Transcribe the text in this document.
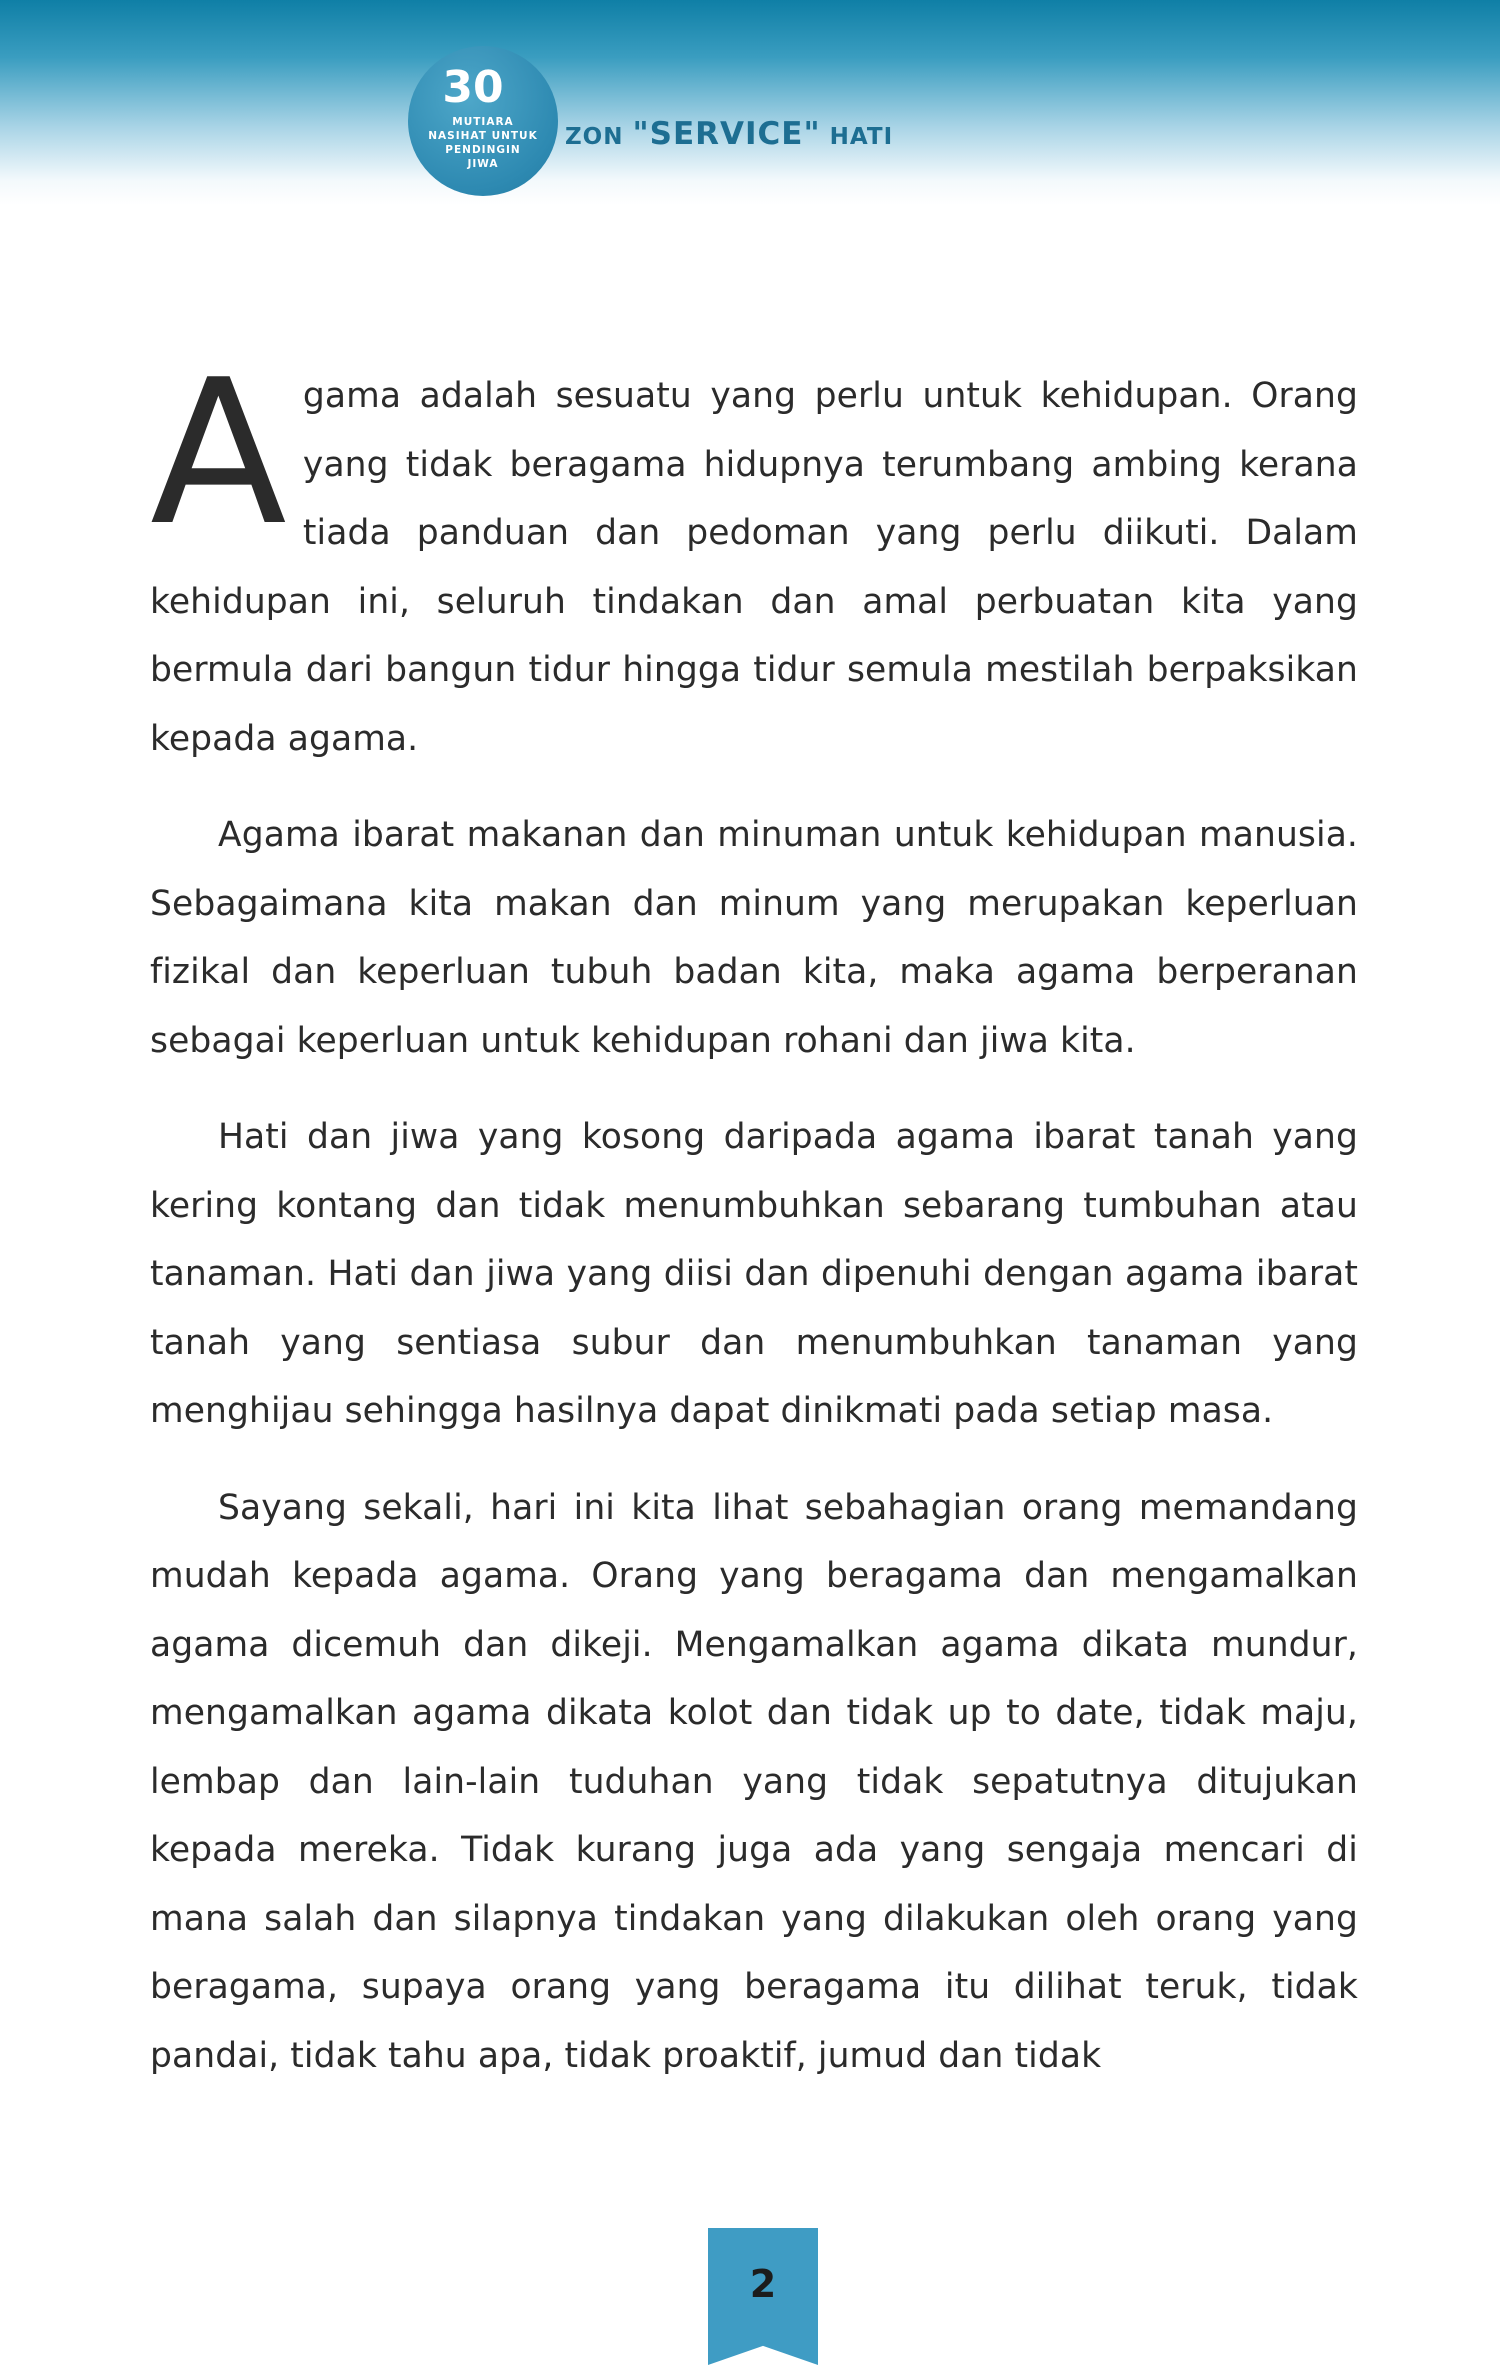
30
MUTIARA
NASIHAT UNTUK
PENDINGIN
JIWA
ZON "SERVICE" HATI

Agama adalah sesuatu yang perlu untuk kehidupan. Orang yang tidak beragama hidupnya terumbang ambing kerana tiada panduan dan pedoman yang perlu diikuti. Dalam kehidupan ini, seluruh tindakan dan amal perbuatan kita yang bermula dari bangun tidur hingga tidur semula mestilah berpaksikan kepada agama.

Agama ibarat makanan dan minuman untuk kehidupan manusia. Sebagaimana kita makan dan minum yang merupakan keperluan fizikal dan keperluan tubuh badan kita, maka agama berperanan sebagai keperluan untuk kehidupan rohani dan jiwa kita.

Hati dan jiwa yang kosong daripada agama ibarat tanah yang kering kontang dan tidak menumbuhkan sebarang tumbuhan atau tanaman. Hati dan jiwa yang diisi dan dipenuhi dengan agama ibarat tanah yang sentiasa subur dan menumbuhkan tanaman yang menghijau sehingga hasilnya dapat dinikmati pada setiap masa.

Sayang sekali, hari ini kita lihat sebahagian orang memandang mudah kepada agama. Orang yang beragama dan mengamalkan agama dicemuh dan dikeji. Mengamalkan agama dikata mundur, mengamalkan agama dikata kolot dan tidak up to date, tidak maju, lembap dan lain-lain tuduhan yang tidak sepatutnya ditujukan kepada mereka. Tidak kurang juga ada yang sengaja mencari di mana salah dan silapnya tindakan yang dilakukan oleh orang yang beragama, supaya orang yang beragama itu dilihat teruk, tidak pandai, tidak tahu apa, tidak proaktif, jumud dan tidak

2
